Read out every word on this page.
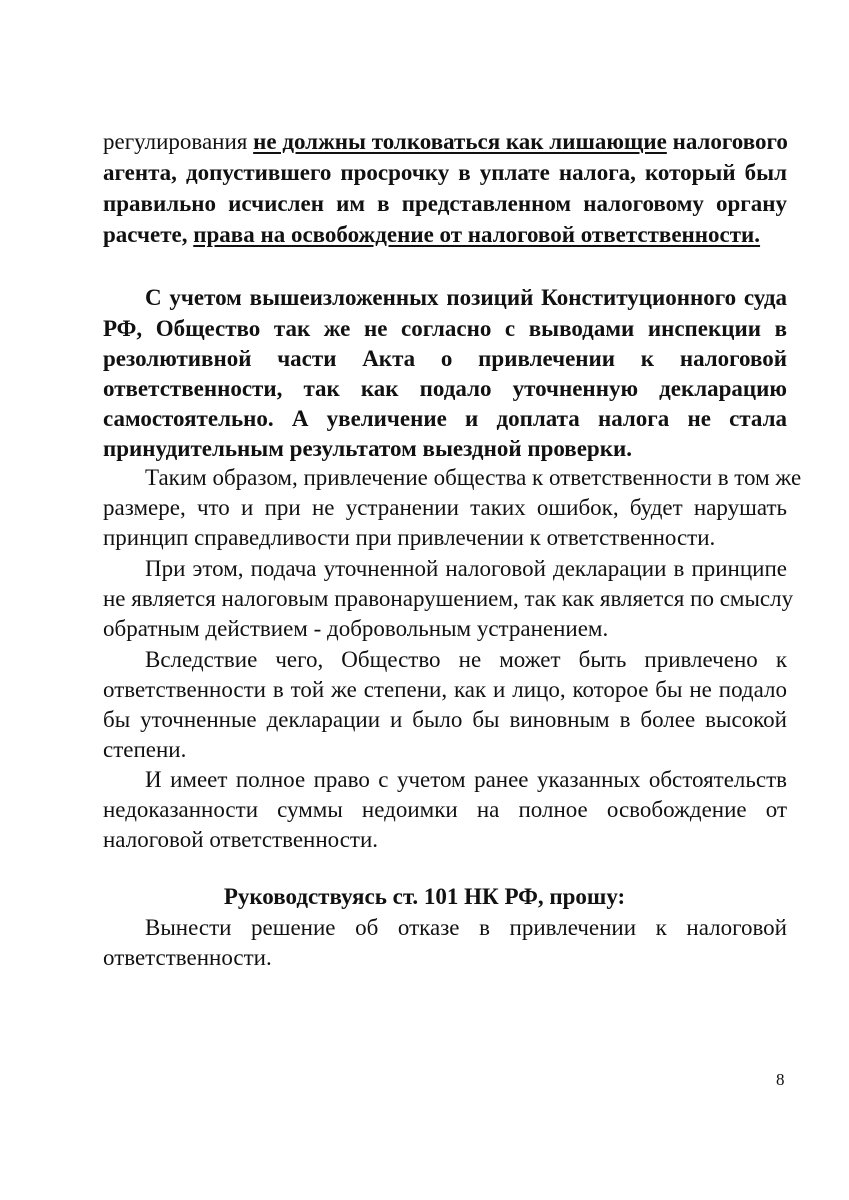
регулирования не должны толковаться как лишающие налогового
агента, допустившего просрочку в уплате налога, который был
правильно исчислен им в представленном налоговому органу
расчете, права на освобождение от налоговой ответственности.
С учетом вышеизложенных позиций Конституционного суда
РФ, Общество так же не согласно с выводами инспекции в
резолютивной части Акта о привлечении к налоговой
ответственности, так как подало уточненную декларацию
самостоятельно. А увеличение и доплата налога не стала
принудительным результатом выездной проверки.
Таким образом, привлечение общества к ответственности в том же
размере, что и при не устранении таких ошибок, будет нарушать
принцип справедливости при привлечении к ответственности.
При этом, подача уточненной налоговой декларации в принципе
не является налоговым правонарушением, так как является по смыслу
обратным действием - добровольным устранением.
Вследствие чего, Общество не может быть привлечено к
ответственности в той же степени, как и лицо, которое бы не подало
бы уточненные декларации и было бы виновным в более высокой
степени.
И имеет полное право с учетом ранее указанных обстоятельств
недоказанности суммы недоимки на полное освобождение от
налоговой ответственности.
Руководствуясь ст. 101 НК РФ, прошу:
Вынести решение об отказе в привлечении к налоговой
ответственности.
8
